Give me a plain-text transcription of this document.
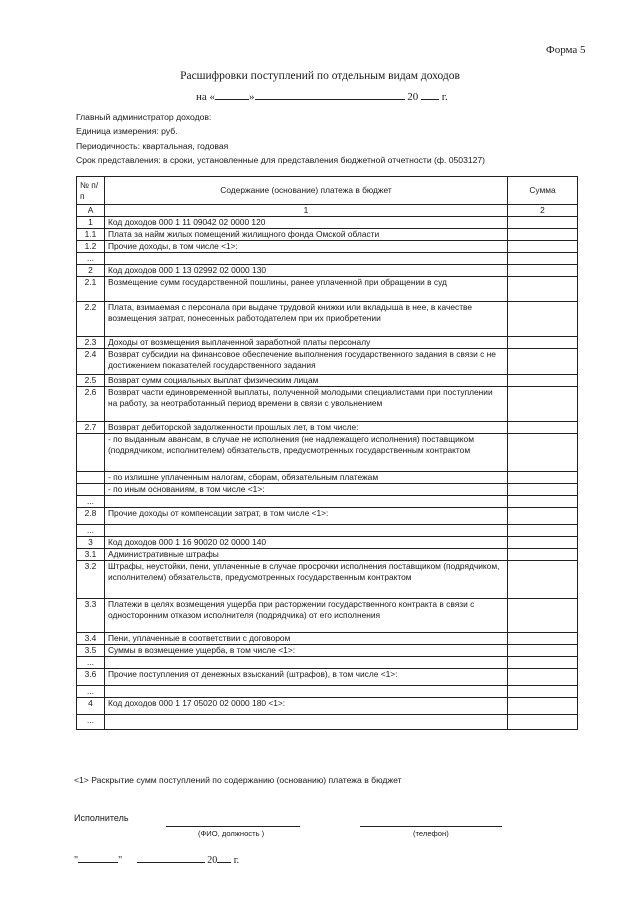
Форма 5
Расшифровки поступлений по отдельным видам доходов
на «	»	20 г.
Главный администратор доходов:
Единица измерения: руб.
Периодичность: квартальная, годовая
Срок представления: в сроки, установленные для представления бюджетной отчетности (ф. 0503127)
№ п/п	Содержание (основание) платежа в бюджет	Сумма
А	1	2
1	Код доходов 000 1 11 09042 02 0000 120	
1.1	Плата за найм жилых помещений жилищного фонда Омской области	
1.2	Прочие доходы, в том числе <1>:	
...		
2	Код доходов 000 1 13 02992 02 0000 130	
2.1	Возмещение сумм государственной пошлины, ранее уплаченной при обращении в суд	
2.2	Плата, взимаемая с персонала при выдаче трудовой книжки или вкладыша в нее, в качестве возмещения затрат, понесенных работодателем при их приобретении	
2.3	Доходы от возмещения выплаченной заработной платы персоналу	
2.4	Возврат субсидии на финансовое обеспечение выполнения государственного задания в связи с не достижением показателей государственного задания	
2.5	Возврат сумм социальных выплат физическим лицам	
2.6	Возврат части единовременной выплаты, полученной молодыми специалистами при поступлении на работу, за неотработанный период времени в связи с увольнением	
2.7	Возврат дебиторской задолженности прошлых лет, в том числе:	
	- по выданным авансам, в случае не исполнения (не надлежащего исполнения) поставщиком (подрядчиком, исполнителем) обязательств, предусмотренных государственным контрактом	
	- по излишне уплаченным налогам, сборам, обязательным платежам	
	- по иным основаниям, в том числе <1>:	
...		
2.8	Прочие доходы от компенсации затрат, в том числе <1>:	
...		
3	Код доходов 000 1 16 90020 02 0000 140	
3.1	Административные штрафы	
3.2	Штрафы, неустойки, пени, уплаченные в случае просрочки исполнения поставщиком (подрядчиком, исполнителем) обязательств, предусмотренных государственным контрактом	
3.3	Платежи в целях возмещения ущерба при расторжении государственного контракта в связи с односторонним отказом исполнителя (подрядчика) от его исполнения	
3.4	Пени, уплаченные в соответствии с договором	
3.5	Суммы в возмещение ущерба, в том числе <1>:	
...		
3.6	Прочие поступления от денежных взысканий (штрафов), в том числе <1>:	
...		
4	Код доходов 000 1 17 05020 02 0000 180 <1>:	
...		
<1> Раскрытие сумм поступлений по содержанию (основанию) платежа в бюджет
Исполнитель
(ФИО, должность )	(телефон)
"	"	20 г.
